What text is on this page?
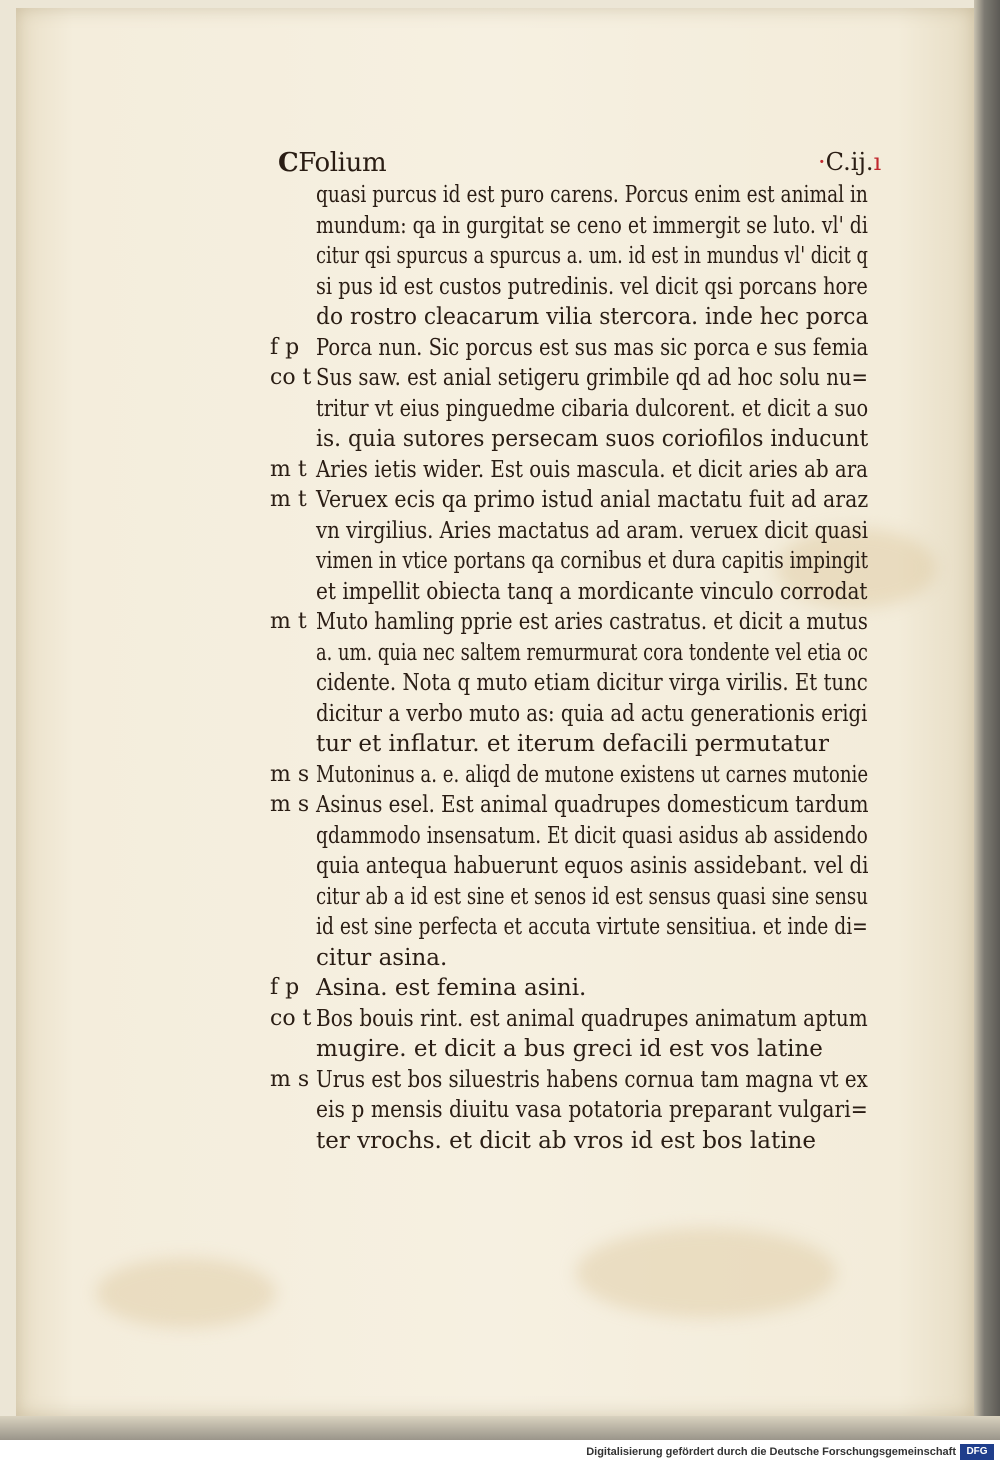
CFolium	·C.ij.ı
quasi purcus id est puro carens. Porcus enim est animal in
mundum: qa in gurgitat se ceno et immergit se luto. vl' di
citur qsi spurcus a spurcus a. um. id est in mundus vl' dicit q
si pus id est custos putredinis. vel dicit qsi porcans hore
do rostro cleacarum vilia stercora. inde hec porca
f p Porca nun. Sic porcus est sus mas sic porca e sus femia
co t Sus saw. est anial setigeru grimbile qd ad hoc solu nu=
tritur vt eius pinguedme cibaria dulcorent. et dicit a suo
is. quia sutores persecam suos coriofilos inducunt
m t Aries ietis wider. Est ouis mascula. et dicit aries ab ara
m t Veruex ecis qa primo istud anial mactatu fuit ad araz
vn virgilius. Aries mactatus ad aram. veruex dicit quasi
vimen in vtice portans qa cornibus et dura capitis impingit
et impellit obiecta tanq a mordicante vinculo corrodat
m t Muto hamling pprie est aries castratus. et dicit a mutus
a. um. quia nec saltem remurmurat cora tondente vel etia oc
cidente. Nota q muto etiam dicitur virga virilis. Et tunc
dicitur a verbo muto as: quia ad actu generationis erigi
tur et inflatur. et iterum defacili permutatur
m s Mutoninus a. e. aliqd de mutone existens ut carnes mutonie
m s Asinus esel. Est animal quadrupes domesticum tardum
qdammodo insensatum. Et dicit quasi asidus ab assidendo
quia antequa habuerunt equos asinis assidebant. vel di
citur ab a id est sine et senos id est sensus quasi sine sensu
id est sine perfecta et accuta virtute sensitiua. et inde di=
citur asina.
f p Asina. est femina asini.
co t Bos bouis rint. est animal quadrupes animatum aptum
mugire. et dicit a bus greci id est vos latine
m s Urus est bos siluestris habens cornua tam magna vt ex
eis p mensis diuitu vasa potatoria preparant vulgari=
ter vrochs. et dicit ab vros id est bos latine
Digitalisierung gefördert durch die Deutsche Forschungsgemeinschaft	DFG
